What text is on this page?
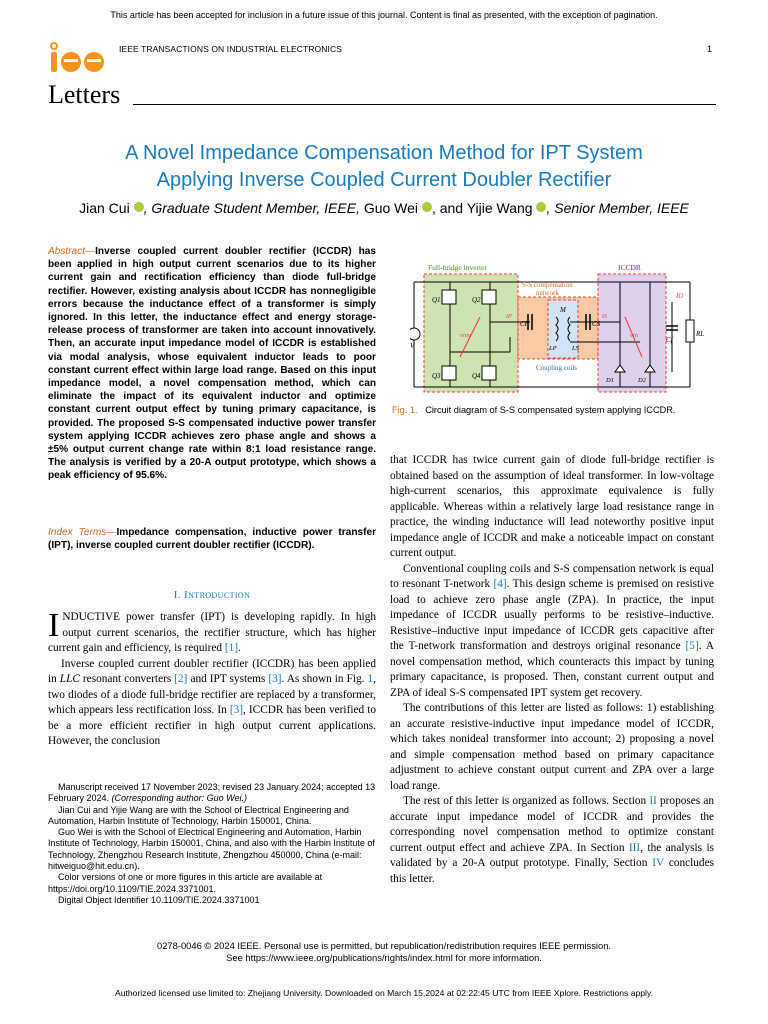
This article has been accepted for inclusion in a future issue of this journal. Content is final as presented, with the exception of pagination.
IEEE TRANSACTIONS ON INDUSTRIAL ELECTRONICS	1
Letters
A Novel Impedance Compensation Method for IPT System
Applying Inverse Coupled Current Doubler Rectifier
Jian Cui , Graduate Student Member, IEEE, Guo Wei , and Yijie Wang , Senior Member, IEEE
Abstract—Inverse coupled current doubler rectifier (ICCDR) has been applied in high output current scenarios due to its higher current gain and rectification efficiency than diode full-bridge rectifier. However, existing analysis about ICCDR has nonnegligible errors because the inductance effect of a transformer is simply ignored. In this letter, the inductance effect and energy storage-release process of transformer are taken into account innovatively. Then, an accurate input impedance model of ICCDR is established via modal analysis, whose equivalent inductor leads to poor constant current effect within large load range. Based on this input impedance model, a novel compensation method, which can eliminate the impact of its equivalent inductor and optimize constant current output effect by tuning primary capacitance, is provided. The proposed S-S compensated inductive power transfer system applying ICCDR achieves zero phase angle and shows a ±5% output current change rate within 8:1 load resistance range. The analysis is verified by a 20-A output prototype, which shows a peak efficiency of 95.6%.
Index Terms—Impedance compensation, inductive power transfer (IPT), inverse coupled current doubler rectifier (ICCDR).
I. Introduction

INDUCTIVE power transfer (IPT) is developing rapidly. In high output current scenarios, the rectifier structure, which has higher current gain and efficiency, is required [1].

Inverse coupled current doubler rectifier (ICCDR) has been applied in LLC resonant converters [2] and IPT systems [3]. As shown in Fig. 1, two diodes of a diode full-bridge rectifier are replaced by a transformer, which appears less rectification loss. In [3], ICCDR has been verified to be a more efficient rectifier in high output current applications. However, the conclusion

Manuscript received 17 November 2023; revised 23 January 2024; accepted 13 February 2024. (Corresponding author: Guo Wei.)

Jian Cui and Yijie Wang are with the School of Electrical Engineering and Automation, Harbin Institute of Technology, Harbin 150001, China.

Guo Wei is with the School of Electrical Engineering and Automation, Harbin Institute of Technology, Harbin 150001, China, and also with the Harbin Institute of Technology, Zhengzhou Research Institute, Zhengzhou 450000, China (e-mail: hitweiguo@hit.edu.cn).

Color versions of one or more figures in this article are available at https://doi.org/10.1109/TIE.2024.3371001.

Digital Object Identifier 10.1109/TIE.2024.3371001

Full-bridge inverter
S-S compensation
network
ICCDR
Coupling coils
V
Q1	Q2
Q3	Q4
CP	CS
M
LP LS
Cf
RL
D1	D2
IO
vinv	vin
iP	iS
Fig. 1. Circuit diagram of S-S compensated system applying ICCDR.

that ICCDR has twice current gain of diode full-bridge rectifier is obtained based on the assumption of ideal transformer. In low-voltage high-current scenarios, this approximate equivalence is fully applicable. Whereas within a relatively large load resistance range in practice, the winding inductance will lead noteworthy positive input impedance angle of ICCDR and make a noticeable impact on constant current output.

Conventional coupling coils and S-S compensation network is equal to resonant T-network [4]. This design scheme is premised on resistive load to achieve zero phase angle (ZPA). In practice, the input impedance of ICCDR usually performs to be resistive–inductive. Resistive–inductive input impedance of ICCDR gets capacitive after the T-network transformation and destroys original resonance [5]. A novel compensation method, which counteracts this impact by tuning primary capacitance, is proposed. Then, constant current output and ZPA of ideal S-S compensated IPT system get recovery.

The contributions of this letter are listed as follows: 1) establishing an accurate resistive-inductive input impedance model of ICCDR, which takes nonideal transformer into account; 2) proposing a novel and simple compensation method based on primary capacitance adjustment to achieve constant output current and ZPA over a large load range.

The rest of this letter is organized as follows. Section II proposes an accurate input impedance model of ICCDR and provides the corresponding novel compensation method to optimize constant current output effect and achieve ZPA. In Section III, the analysis is validated by a 20-A output prototype. Finally, Section IV concludes this letter.

0278-0046 © 2024 IEEE. Personal use is permitted, but republication/redistribution requires IEEE permission.
See https://www.ieee.org/publications/rights/index.html for more information.
Authorized licensed use limited to: Zhejiang University. Downloaded on March 15,2024 at 02:22:45 UTC from IEEE Xplore. Restrictions apply.
